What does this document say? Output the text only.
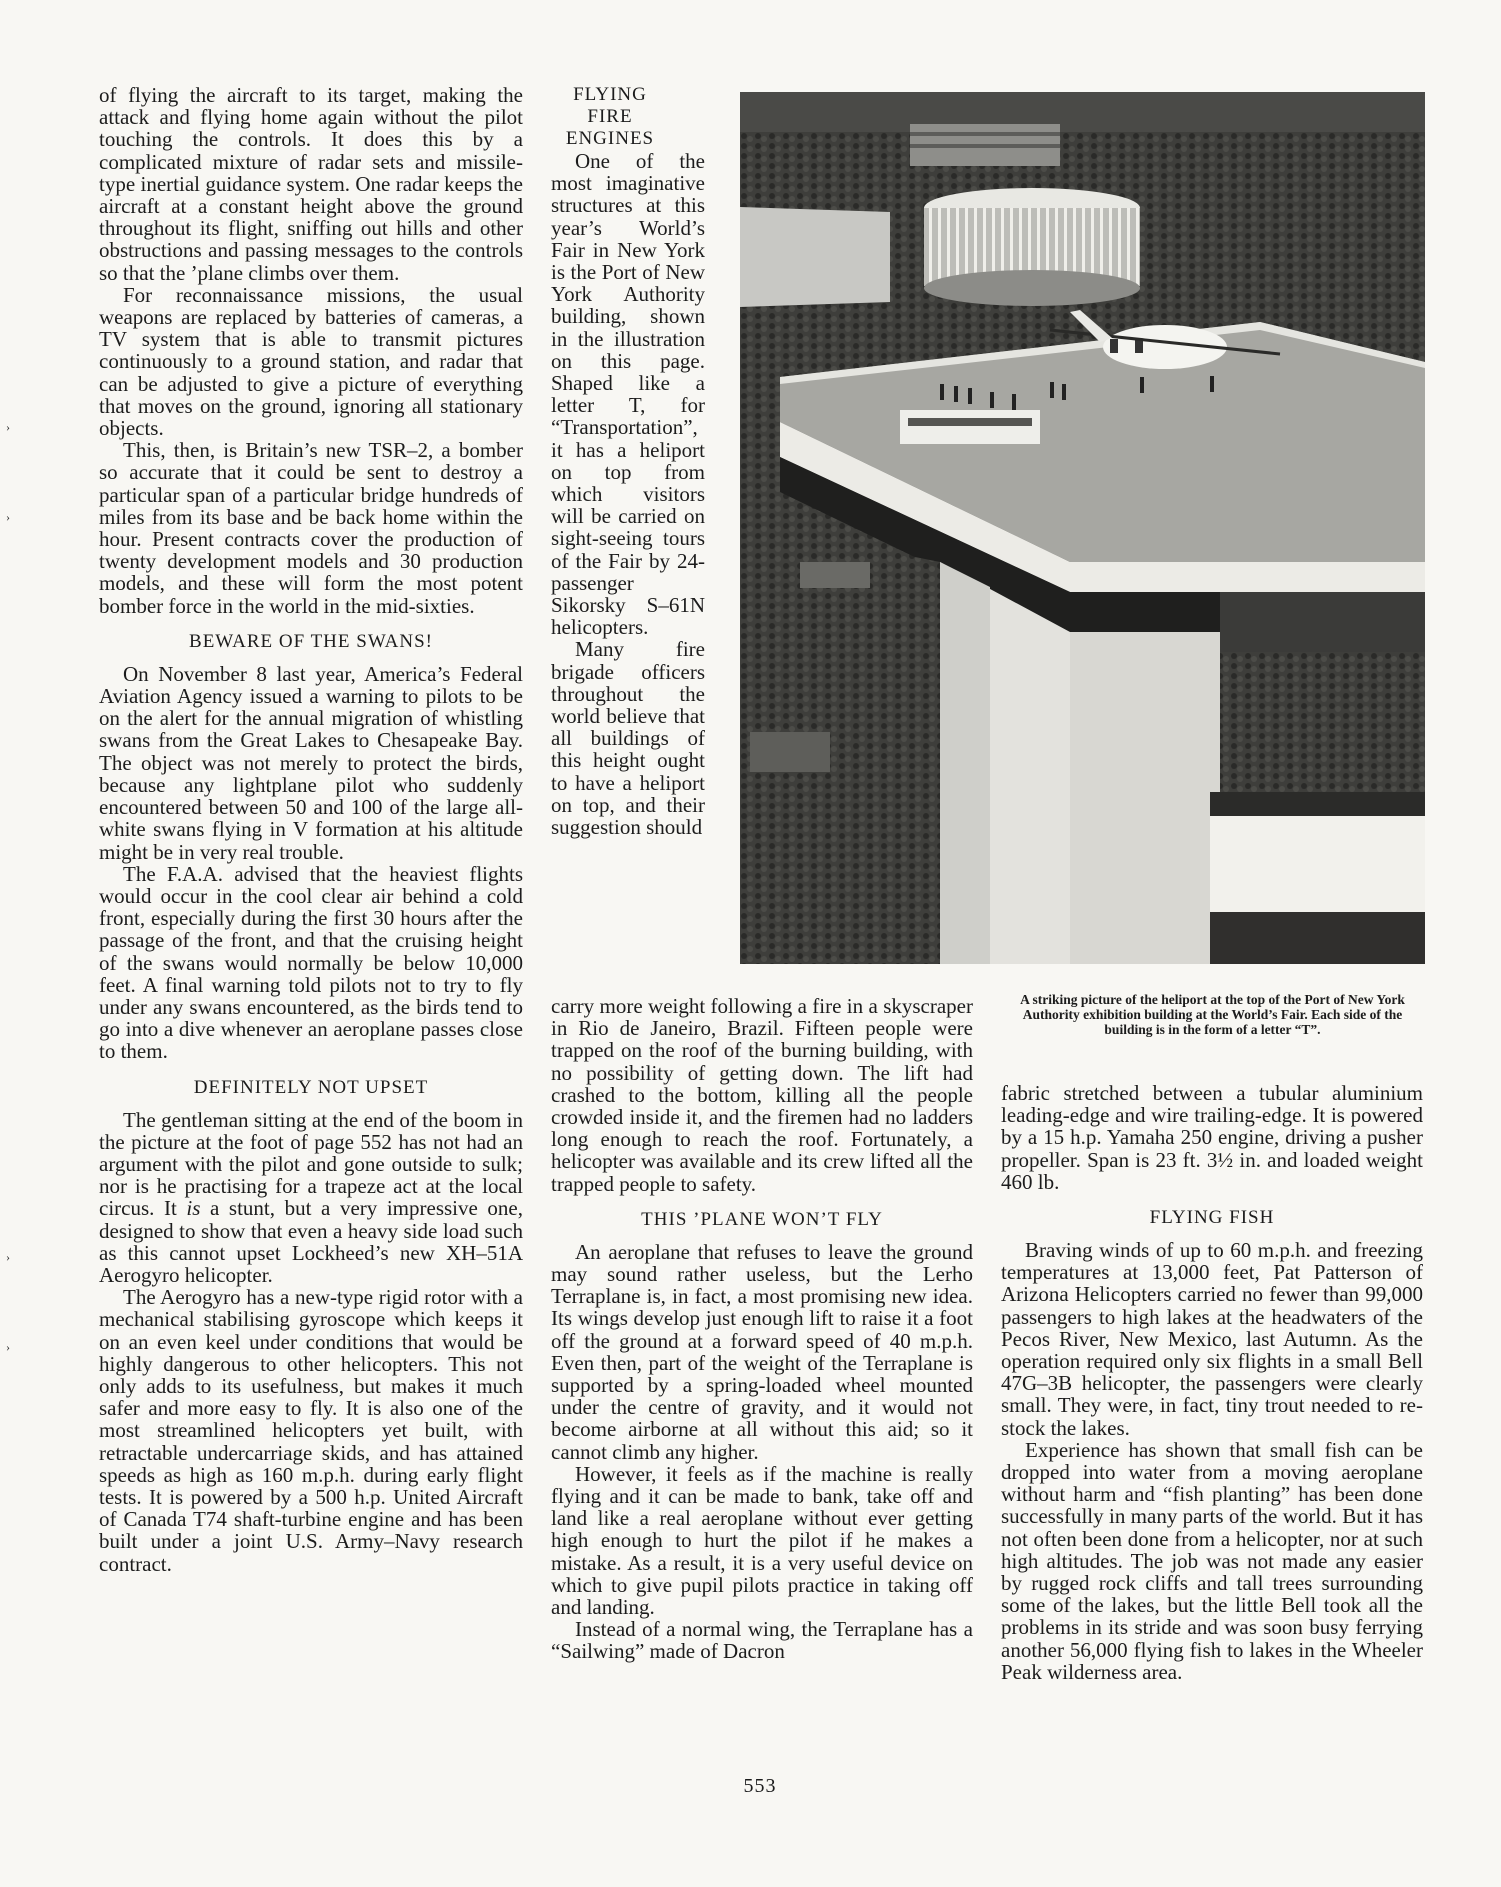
of flying the aircraft to its target, making the attack and flying home again without the pilot touching the controls. It does this by a complicated mixture of radar sets and missile-type inertial guidance system. One radar keeps the aircraft at a constant height above the ground throughout its flight, sniffing out hills and other obstructions and passing messages to the controls so that the ’plane climbs over them.

For reconnaissance missions, the usual weapons are replaced by batteries of cameras, a TV system that is able to transmit pictures continuously to a ground station, and radar that can be adjusted to give a picture of everything that moves on the ground, ignoring all stationary objects.

This, then, is Britain’s new TSR–2, a bomber so accurate that it could be sent to destroy a particular span of a particular bridge hundreds of miles from its base and be back home within the hour. Present contracts cover the production of twenty development models and 30 production models, and these will form the most potent bomber force in the world in the mid-sixties.

BEWARE OF THE SWANS!

On November 8 last year, America’s Federal Aviation Agency issued a warning to pilots to be on the alert for the annual migration of whistling swans from the Great Lakes to Chesapeake Bay. The object was not merely to protect the birds, because any lightplane pilot who suddenly encountered between 50 and 100 of the large all-white swans flying in V formation at his altitude might be in very real trouble.

The F.A.A. advised that the heaviest flights would occur in the cool clear air behind a cold front, especially during the first 30 hours after the passage of the front, and that the cruising height of the swans would normally be below 10,000 feet. A final warning told pilots not to try to fly under any swans encountered, as the birds tend to go into a dive whenever an aeroplane passes close to them.

DEFINITELY NOT UPSET

The gentleman sitting at the end of the boom in the picture at the foot of page 552 has not had an argument with the pilot and gone outside to sulk; nor is he practising for a trapeze act at the local circus. It is a stunt, but a very impressive one, designed to show that even a heavy side load such as this cannot upset Lockheed’s new XH–51A Aerogyro helicopter.

The Aerogyro has a new-type rigid rotor with a mechanical stabilising gyroscope which keeps it on an even keel under conditions that would be highly dangerous to other helicopters. This not only adds to its usefulness, but makes it much safer and more easy to fly. It is also one of the most streamlined helicopters yet built, with retractable undercarriage skids, and has attained speeds as high as 160 m.p.h. during early flight tests. It is powered by a 500 h.p. United Aircraft of Canada T74 shaft-turbine engine and has been built under a joint U.S. Army–Navy research contract.

FLYING FIRE ENGINES

One of the most imaginative structures at this year’s World’s Fair in New York is the Port of New York Authority building, shown in the illustration on this page. Shaped like a letter T, for “Transportation”, it has a heliport on top from which visitors will be carried on sight-seeing tours of the Fair by 24-passenger Sikorsky S–61N helicopters.

Many fire brigade officers throughout the world believe that all buildings of this height ought to have a heliport on top, and their suggestion should

carry more weight following a fire in a skyscraper in Rio de Janeiro, Brazil. Fifteen people were trapped on the roof of the burning building, with no possibility of getting down. The lift had crashed to the bottom, killing all the people crowded inside it, and the firemen had no ladders long enough to reach the roof. Fortunately, a helicopter was available and its crew lifted all the trapped people to safety.

THIS ’PLANE WON’T FLY

An aeroplane that refuses to leave the ground may sound rather useless, but the Lerho Terraplane is, in fact, a most promising new idea. Its wings develop just enough lift to raise it a foot off the ground at a forward speed of 40 m.p.h. Even then, part of the weight of the Terraplane is supported by a spring-loaded wheel mounted under the centre of gravity, and it would not become airborne at all without this aid; so it cannot climb any higher.

However, it feels as if the machine is really flying and it can be made to bank, take off and land like a real aeroplane without ever getting high enough to hurt the pilot if he makes a mistake. As a result, it is a very useful device on which to give pupil pilots practice in taking off and landing.

Instead of a normal wing, the Terraplane has a “Sailwing” made of Dacron

A striking picture of the heliport at the top of the Port of New York Authority exhibition building at the World’s Fair. Each side of the building is in the form of a letter “T”.

fabric stretched between a tubular aluminium leading-edge and wire trailing-edge. It is powered by a 15 h.p. Yamaha 250 engine, driving a pusher propeller. Span is 23 ft. 3½ in. and loaded weight 460 lb.

FLYING FISH

Braving winds of up to 60 m.p.h. and freezing temperatures at 13,000 feet, Pat Patterson of Arizona Helicopters carried no fewer than 99,000 passengers to high lakes at the headwaters of the Pecos River, New Mexico, last Autumn. As the operation required only six flights in a small Bell 47G–3B helicopter, the passengers were clearly small. They were, in fact, tiny trout needed to re-stock the lakes.

Experience has shown that small fish can be dropped into water from a moving aeroplane without harm and “fish planting” has been done successfully in many parts of the world. But it has not often been done from a helicopter, nor at such high altitudes. The job was not made any easier by rugged rock cliffs and tall trees surrounding some of the lakes, but the little Bell took all the problems in its stride and was soon busy ferrying another 56,000 flying fish to lakes in the Wheeler Peak wilderness area.

553
›
›
›
›
